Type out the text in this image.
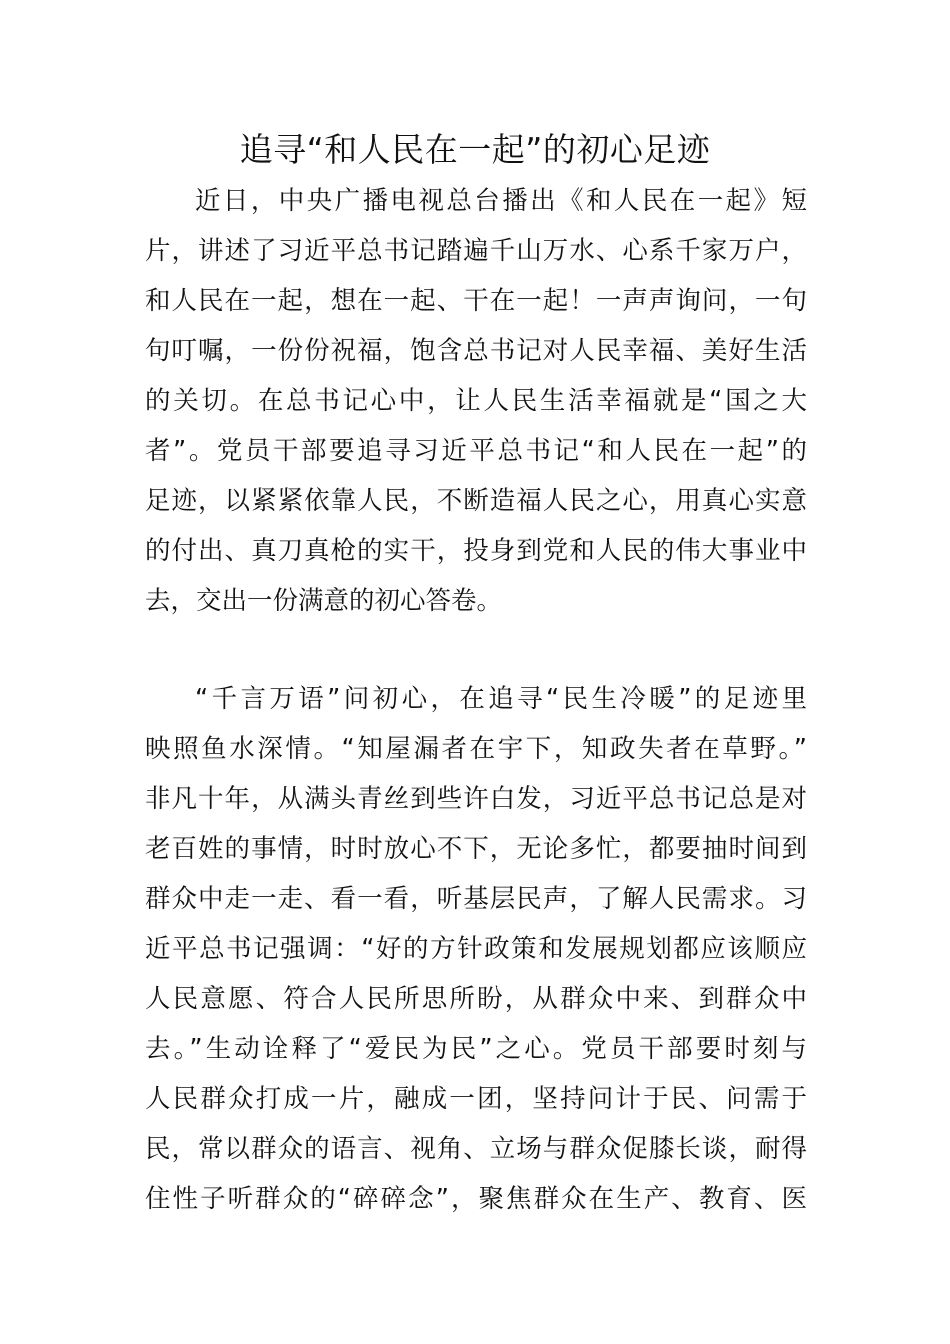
追寻“和人民在一起”的初心足迹

近日，中央广播电视总台播出《和人民在一起》短

片，讲述了习近平总书记踏遍千山万水、心系千家万户，

和人民在一起，想在一起、干在一起！一声声询问，一句

句叮嘱，一份份祝福，饱含总书记对人民幸福、美好生活

的关切。在总书记心中，让人民生活幸福就是“国之大

者”。党员干部要追寻习近平总书记“和人民在一起”的

足迹，以紧紧依靠人民，不断造福人民之心，用真心实意

的付出、真刀真枪的实干，投身到党和人民的伟大事业中

去，交出一份满意的初心答卷。

“千言万语”问初心，在追寻“民生冷暖”的足迹里

映照鱼水深情。“知屋漏者在宇下，知政失者在草野。”

非凡十年，从满头青丝到些许白发，习近平总书记总是对

老百姓的事情，时时放心不下，无论多忙，都要抽时间到

群众中走一走、看一看，听基层民声，了解人民需求。习

近平总书记强调：“好的方针政策和发展规划都应该顺应

人民意愿、符合人民所思所盼，从群众中来、到群众中

去。”生动诠释了“爱民为民”之心。党员干部要时刻与

人民群众打成一片，融成一团，坚持问计于民、问需于

民，常以群众的语言、视角、立场与群众促膝长谈，耐得

住性子听群众的“碎碎念”，聚焦群众在生产、教育、医
